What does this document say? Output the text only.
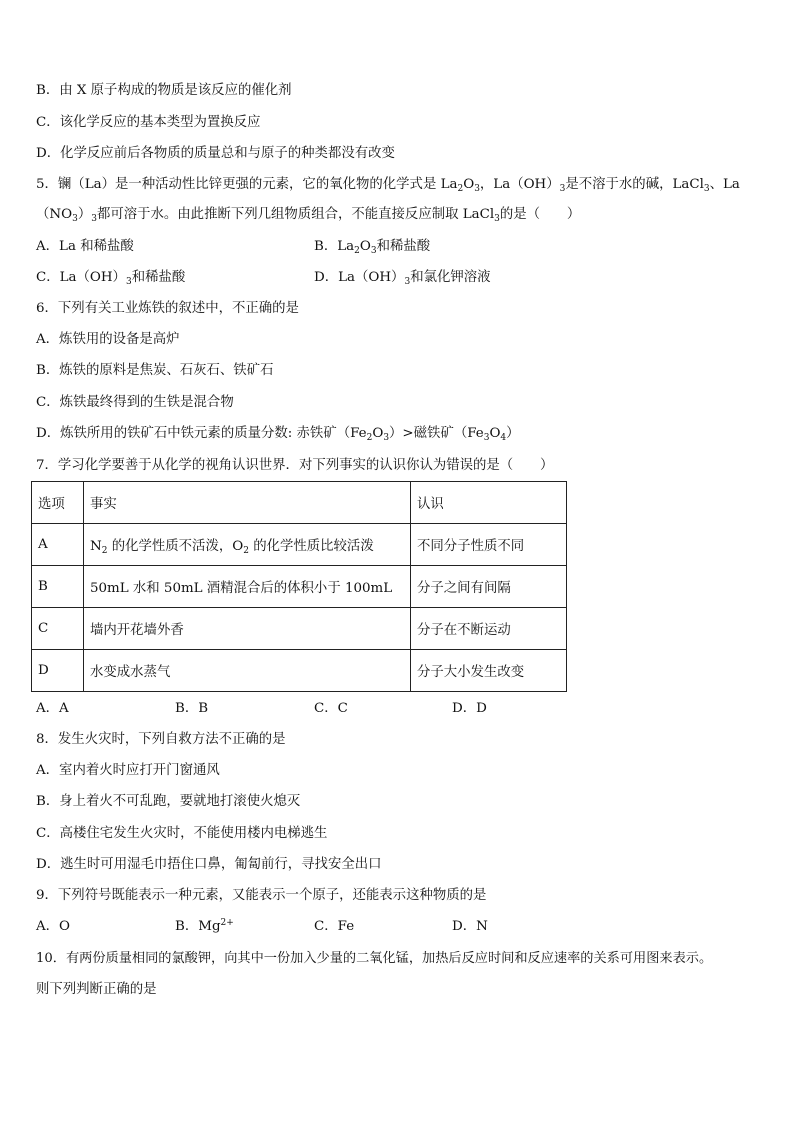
B．由 X 原子构成的物质是该反应的催化剂
C．该化学反应的基本类型为置换反应
D．化学反应前后各物质的质量总和与原子的种类都没有改变
5．镧（La）是一种活动性比锌更强的元素，它的氧化物的化学式是 $La_2O_3$，$La(OH)_3$是不溶于水的碱，LaCl$_3$、La
$(NO_3)_3$都可溶于水。由此推断下列几组物质组合，不能直接反应制取 LaCl$_3$的是（　　）
A．La 和稀盐酸	B．$La_2O_3$和稀盐酸
C．$La(OH)_3$和稀盐酸	D．$La(OH)_3$和氯化钾溶液
6．下列有关工业炼铁的叙述中，不正确的是
A．炼铁用的设备是高炉
B．炼铁的原料是焦炭、石灰石、铁矿石
C．炼铁最终得到的生铁是混合物
D．炼铁所用的铁矿石中铁元素的质量分数: 赤铁矿$(Fe_2O_3)>$磁铁矿$(Fe_3O_4)$
7．学习化学要善于从化学的视角认识世界．对下列事实的认识你认为错误的是（　　）
选项	事实	认识
A	$N_2$ 的化学性质不活泼，$O_2$ 的化学性质比较活泼	不同分子性质不同
B	50mL 水和 50mL 酒精混合后的体积小于 100mL	分子之间有间隔
C	墙内开花墙外香	分子在不断运动
D	水变成水蒸气	分子大小发生改变
A．A	B．B	C．C	D．D
8．发生火灾时，下列自救方法不正确的是
A．室内着火时应打开门窗通风
B．身上着火不可乱跑，要就地打滚使火熄灭
C．高楼住宅发生火灾时，不能使用楼内电梯逃生
D．逃生时可用湿毛巾捂住口鼻，匍匐前行，寻找安全出口
9．下列符号既能表示一种元素，又能表示一个原子，还能表示这种物质的是
A．O	B．$Mg^{2+}$	C．Fe	D．N
10．有两份质量相同的氯酸钾，向其中一份加入少量的二氧化锰，加热后反应时间和反应速率的关系可用图来表示。
则下列判断正确的是
